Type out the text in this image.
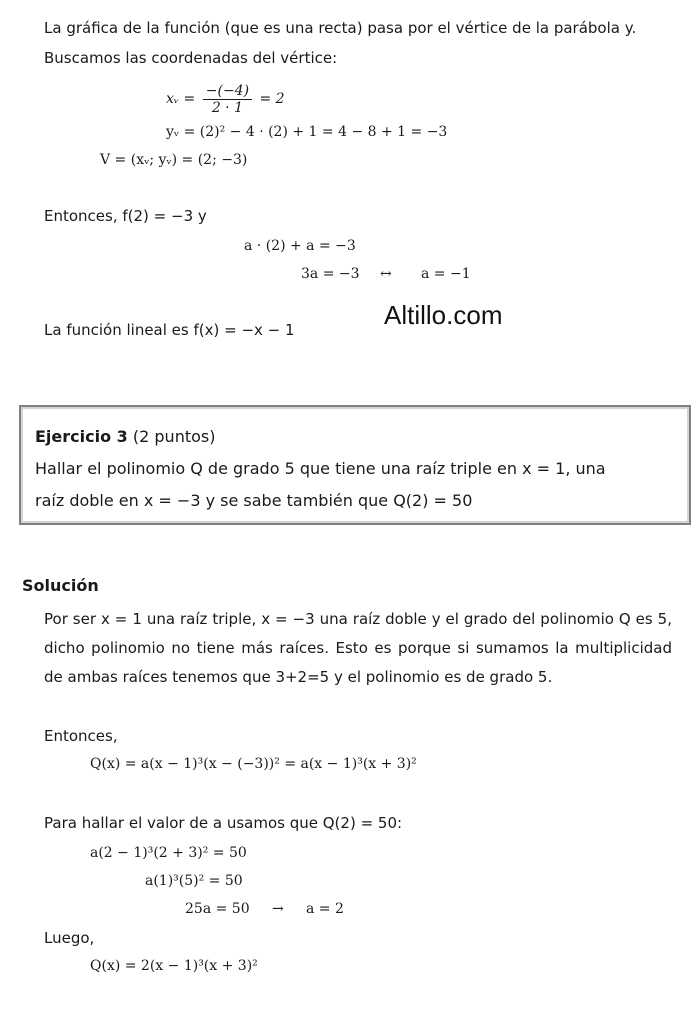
La gráfica de la función (que es una recta) pasa por el vértice de la parábola y.
Buscamos las coordenadas del vértice:
xᵥ = $\frac{-(-4)}{2 \cdot 1} = 2$
yᵥ = (2)² − 4 · (2) + 1 = 4 − 8 + 1 = −3
V = (xᵥ; yᵥ) = (2; −3)
Entonces, f(2) = −3 y
a · (2) + a = −3
3a = −3 ↔ a = −1
La función lineal es f(x) = −x − 1	Altillo.com
Ejercicio 3 (2 puntos)
Hallar el polinomio Q de grado 5 que tiene una raíz triple en x = 1, una
raíz doble en x = −3 y se sabe también que Q(2) = 50
Solución
Por ser x = 1 una raíz triple, x = −3 una raíz doble y el grado del polinomio Q es 5, dicho polinomio no tiene más raíces. Esto es porque si sumamos la multiplicidad de ambas raíces tenemos que 3+2=5 y el polinomio es de grado 5.
Entonces,
Q(x) = a(x − 1)³(x − (−3))² = a(x − 1)³(x + 3)²
Para hallar el valor de a usamos que Q(2) = 50:
a(2 − 1)³(2 + 3)² = 50
a(1)³(5)² = 50
25a = 50 → a = 2
Luego,
Q(x) = 2(x − 1)³(x + 3)²
